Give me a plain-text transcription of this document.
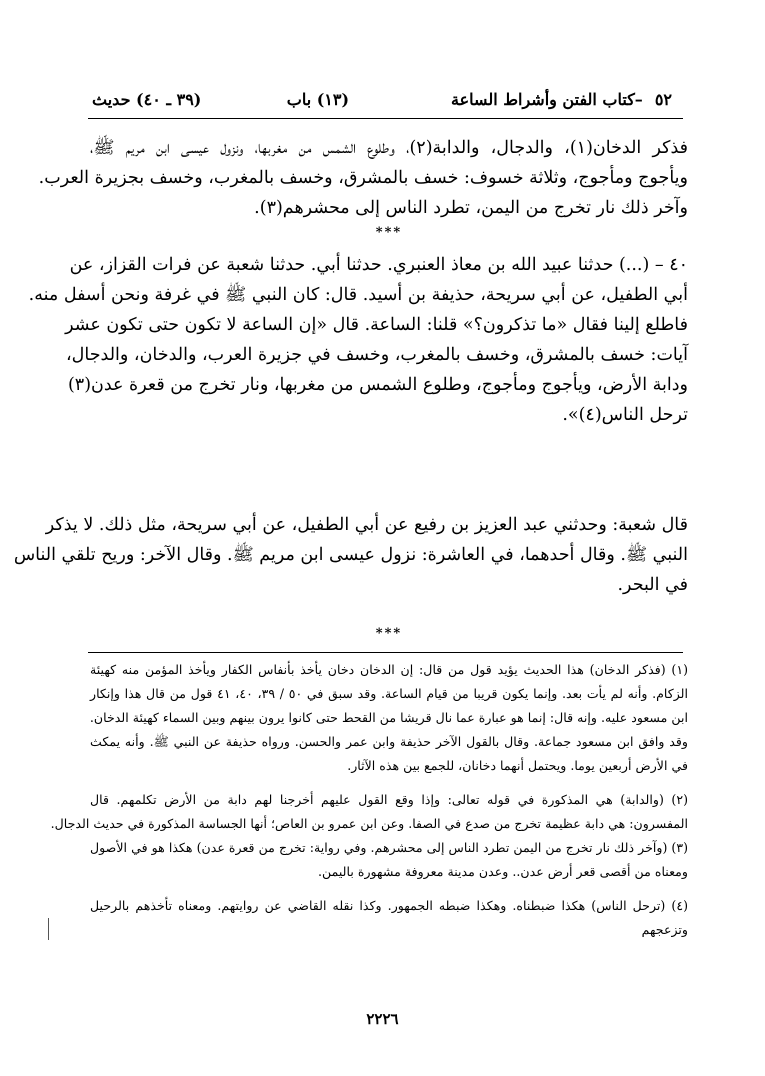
٥٢
–كتاب الفتن وأشراط الساعة
(١٣) باب
(٣٩ ـ ٤٠) حديث
فذكر الدخان(١)، والدجال، والدابة(٢)، وطلوع الشمس من مغربها، ونزول عيسى ابن مريم ﷺ،
ويأجوج ومأجوج، وثلاثة خسوف: خسف بالمشرق، وخسف بالمغرب، وخسف بجزيرة العرب.
وآخر ذلك نار تخرج من اليمن، تطرد الناس إلى محشرهم(٣).
***
٤٠ – (...) حدثنا عبيد الله بن معاذ العنبري. حدثنا أبي. حدثنا شعبة عن فرات القزاز، عن
أبي الطفيل، عن أبي سريحة، حذيفة بن أسيد. قال: كان النبي ﷺ في غرفة ونحن أسفل منه.
فاطلع إلينا فقال «ما تذكرون؟» قلنا: الساعة. قال «إن الساعة لا تكون حتى تكون عشر
آيات: خسف بالمشرق، وخسف بالمغرب، وخسف في جزيرة العرب، والدخان، والدجال،
ودابة الأرض، ويأجوج ومأجوج، وطلوع الشمس من مغربها، ونار تخرج من قعرة عدن(٣)
ترحل الناس(٤)».
قال شعبة: وحدثني عبد العزيز بن رفيع عن أبي الطفيل، عن أبي سريحة، مثل ذلك. لا يذكر
النبي ﷺ. وقال أحدهما، في العاشرة: نزول عيسى ابن مريم ﷺ. وقال الآخر: وريح تلقي الناس
في البحر.
***
(١) (فذكر الدخان) هذا الحديث يؤيد قول من قال: إن الدخان دخان يأخذ بأنفاس الكفار ويأخذ المؤمن منه كهيئة
الزكام. وأنه لم يأت بعد. وإنما يكون قريبا من قيام الساعة. وقد سبق في ٥٠ / ٣٩، ٤٠، ٤١ قول من قال هذا وإنكار
ابن مسعود عليه. وإنه قال: إنما هو عبارة عما نال قريشا من القحط حتى كانوا يرون بينهم وبين السماء كهيئة الدخان.
وقد وافق ابن مسعود جماعة. وقال بالقول الآخر حذيفة وابن عمر والحسن. ورواه حذيفة عن النبي ﷺ. وأنه يمكث
في الأرض أربعين يوما. ويحتمل أنهما دخانان، للجمع بين هذه الآثار.
(٢) (والدابة) هي المذكورة في قوله تعالى: وإذا وقع القول عليهم أخرجنا لهم دابة من الأرض تكلمهم. قال
المفسرون: هي دابة عظيمة تخرج من صدع في الصفا. وعن ابن عمرو بن العاص؛ أنها الجساسة المذكورة في حديث الدجال.
(٣) (وآخر ذلك نار تخرج من اليمن تطرد الناس إلى محشرهم. وفي رواية: تخرج من قعرة عدن) هكذا هو في الأصول
ومعناه من أقصى قعر أرض عدن.. وعدن مدينة معروفة مشهورة باليمن.
(٤) (ترحل الناس) هكذا ضبطناه. وهكذا ضبطه الجمهور. وكذا نقله القاضي عن روايتهم. ومعناه تأخذهم بالرحيل
وتزعجهم
٢٢٢٦
